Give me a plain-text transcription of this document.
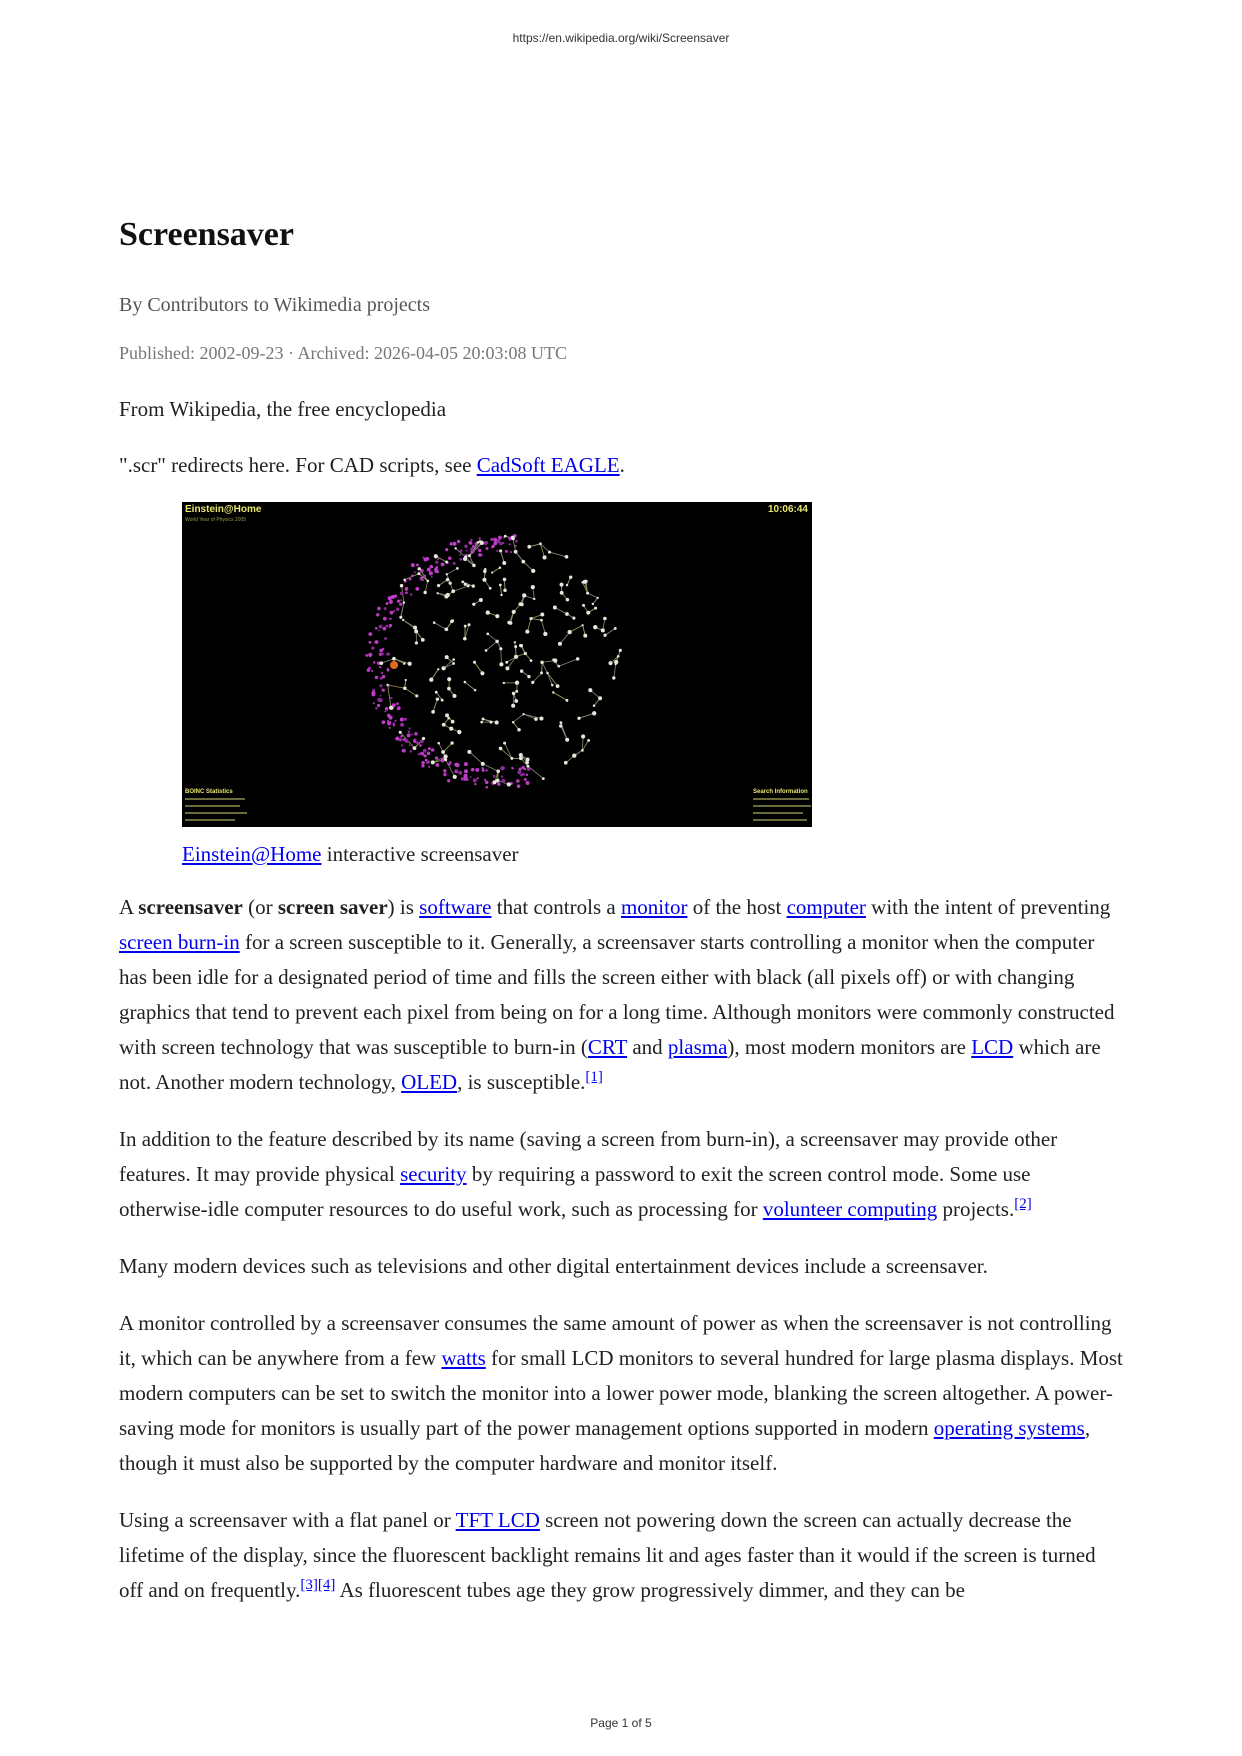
https://en.wikipedia.org/wiki/Screensaver
Screensaver
By Contributors to Wikimedia projects
Published: 2002-09-23 · Archived: 2026-04-05 20:03:08 UTC

From Wikipedia, the free encyclopedia

".scr" redirects here. For CAD scripts, see CadSoft EAGLE.

Einstein@Home
World Year of Physics 2005
10:06:44
BOINC Statistics	Search Information
Einstein@Home interactive screensaver

A screensaver (or screen saver) is software that controls a monitor of the host computer with the intent of preventing screen burn-in for a screen susceptible to it. Generally, a screensaver starts controlling a monitor when the computer has been idle for a designated period of time and fills the screen either with black (all pixels off) or with changing graphics that tend to prevent each pixel from being on for a long time. Although monitors were commonly constructed with screen technology that was susceptible to burn-in (CRT and plasma), most modern monitors are LCD which are not. Another modern technology, OLED, is susceptible.[1]

In addition to the feature described by its name (saving a screen from burn-in), a screensaver may provide other features. It may provide physical security by requiring a password to exit the screen control mode. Some use otherwise-idle computer resources to do useful work, such as processing for volunteer computing projects.[2]

Many modern devices such as televisions and other digital entertainment devices include a screensaver.

A monitor controlled by a screensaver consumes the same amount of power as when the screensaver is not controlling it, which can be anywhere from a few watts for small LCD monitors to several hundred for large plasma displays. Most modern computers can be set to switch the monitor into a lower power mode, blanking the screen altogether. A power-saving mode for monitors is usually part of the power management options supported in modern operating systems, though it must also be supported by the computer hardware and monitor itself.

Using a screensaver with a flat panel or TFT LCD screen not powering down the screen can actually decrease the lifetime of the display, since the fluorescent backlight remains lit and ages faster than it would if the screen is turned off and on frequently.[3][4] As fluorescent tubes age they grow progressively dimmer, and they can be

Page 1 of 5
